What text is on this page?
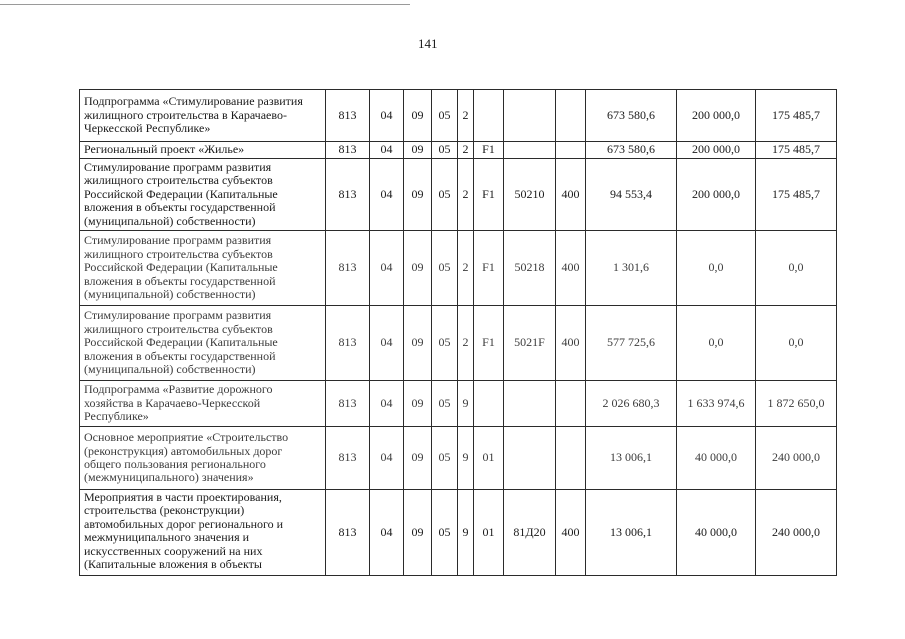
141
Подпрограмма «Стимулирование развития жилищного строительства в Карачаево-Черкесской Республике»	813	04	09	05	2				673 580,6	200 000,0	175 485,7
Региональный проект «Жилье»	813	04	09	05	2	F1			673 580,6	200 000,0	175 485,7
Стимулирование программ развития жилищного строительства субъектов Российской Федерации (Капитальные вложения в объекты государственной (муниципальной) собственности)	813	04	09	05	2	F1	50210	400	94 553,4	200 000,0	175 485,7
Стимулирование программ развития жилищного строительства субъектов Российской Федерации (Капитальные вложения в объекты государственной (муниципальной) собственности)	813	04	09	05	2	F1	50218	400	1 301,6	0,0	0,0
Стимулирование программ развития жилищного строительства субъектов Российской Федерации (Капитальные вложения в объекты государственной (муниципальной) собственности)	813	04	09	05	2	F1	5021F	400	577 725,6	0,0	0,0
Подпрограмма «Развитие дорожного хозяйства в Карачаево-Черкесской Республике»	813	04	09	05	9				2 026 680,3	1 633 974,6	1 872 650,0
Основное мероприятие «Строительство (реконструкция) автомобильных дорог общего пользования регионального (межмуниципального) значения»	813	04	09	05	9	01			13 006,1	40 000,0	240 000,0
Мероприятия в части проектирования, строительства (реконструкции) автомобильных дорог регионального и межмуниципального значения и искусственных сооружений на них (Капитальные вложения в объекты	813	04	09	05	9	01	81Д20	400	13 006,1	40 000,0	240 000,0
